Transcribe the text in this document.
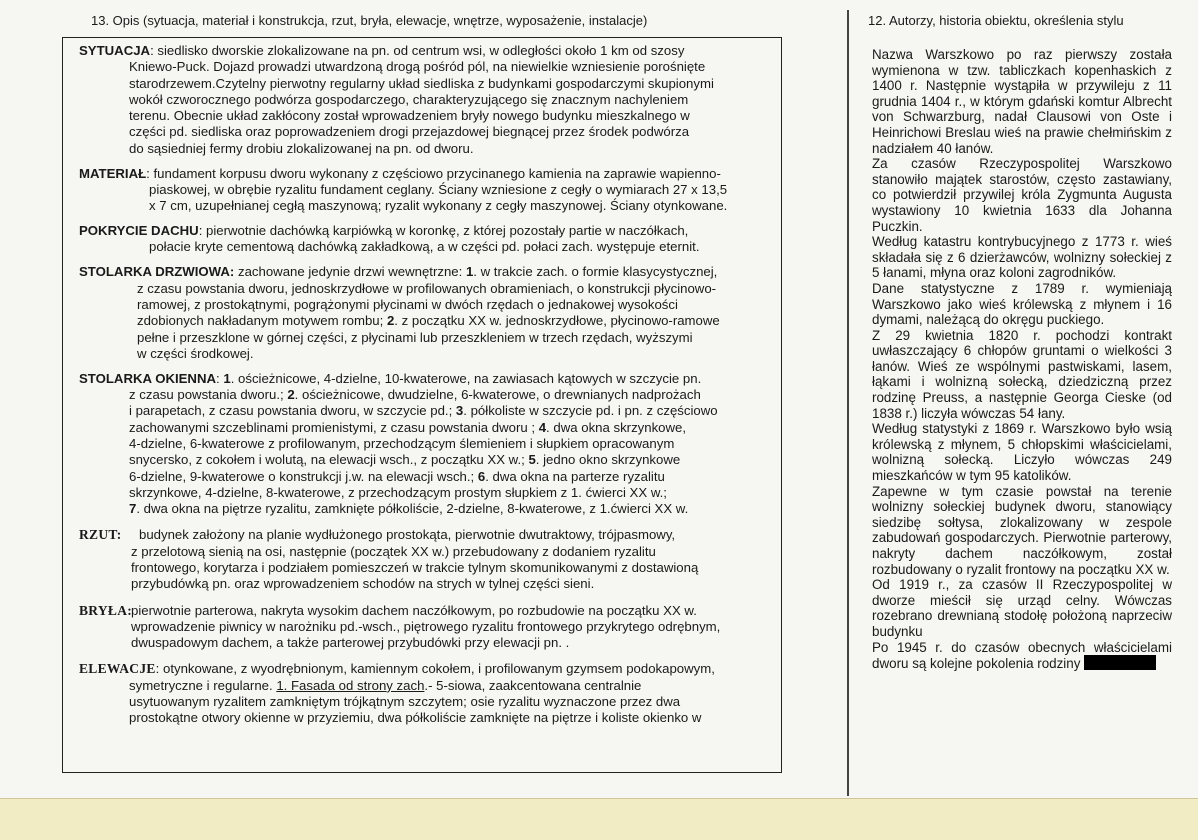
13. Opis (sytuacja, materiał i konstrukcja, rzut, bryła, elewacje, wnętrze, wyposażenie, instalacje)	12. Autorzy, historia obiektu, określenia stylu
SYTUACJA: siedlisko dworskie zlokalizowane na pn. od centrum wsi, w odległości około 1 km od szosy
Kniewo-Puck. Dojazd prowadzi utwardzoną drogą pośród pól, na niewielkie wzniesienie porośnięte
starodrzewem.Czytelny pierwotny regularny układ siedliska z budynkami gospodarczymi skupionymi
wokół czworocznego podwórza gospodarczego, charakteryzującego się znacznym nachyleniem
terenu. Obecnie układ zakłócony został wprowadzeniem bryły nowego budynku mieszkalnego w
części pd. siedliska oraz poprowadzeniem drogi przejazdowej biegnącej przez środek podwórza
do sąsiedniej fermy drobiu zlokalizowanej na pn. od dworu.
MATERIAŁ: fundament korpusu dworu wykonany z częściowo przycinanego kamienia na zaprawie wapienno-
piaskowej, w obrębie ryzalitu fundament ceglany. Ściany wzniesione z cegły o wymiarach 27 x 13,5
x 7 cm, uzupełnianej cegłą maszynową; ryzalit wykonany z cegły maszynowej. Ściany otynkowane.
POKRYCIE DACHU: pierwotnie dachówką karpiówką w koronkę, z której pozostały partie w naczółkach,
połacie kryte cementową dachówką zakładkową, a w części pd. połaci zach. występuje eternit.
STOLARKA DRZWIOWA: zachowane jedynie drzwi wewnętrzne: 1. w trakcie zach. o formie klasycystycznej,
z czasu powstania dworu, jednoskrzydłowe w profilowanych obramieniach, o konstrukcji płycinowo-
ramowej, z prostokątnymi, pogrążonymi płycinami w dwóch rzędach o jednakowej wysokości
zdobionych nakładanym motywem rombu; 2. z początku XX w. jednoskrzydłowe, płycinowo-ramowe
pełne i przeszklone w górnej części, z płycinami lub przeszkleniem w trzech rzędach, wyższymi
w części środkowej.
STOLARKA OKIENNA: 1. ościeżnicowe, 4-dzielne, 10-kwaterowe, na zawiasach kątowych w szczycie pn.
z czasu powstania dworu.; 2. ościeżnicowe, dwudzielne, 6-kwaterowe, o drewnianych nadprożach
i parapetach, z czasu powstania dworu, w szczycie pd.; 3. półkoliste w szczycie pd. i pn. z częściowo
zachowanymi szczeblinami promienistymi, z czasu powstania dworu ; 4. dwa okna skrzynkowe,
4-dzielne, 6-kwaterowe z profilowanym, przechodzącym ślemieniem i słupkiem opracowanym
snycersko, z cokołem i wolutą, na elewacji wsch., z początku XX w.; 5. jedno okno skrzynkowe
6-dzielne, 9-kwaterowe o konstrukcji j.w. na elewacji wsch.; 6. dwa okna na parterze ryzalitu
skrzynkowe, 4-dzielne, 8-kwaterowe, z przechodzącym prostym słupkiem z 1. ćwierci XX w.;
7. dwa okna na piętrze ryzalitu, zamknięte półkoliście, 2-dzielne, 8-kwaterowe, z 1.ćwierci XX w.
RZUT: budynek założony na planie wydłużonego prostokąta, pierwotnie dwutraktowy, trójpasmowy,
z przelotową sienią na osi, następnie (początek XX w.) przebudowany z dodaniem ryzalitu
frontowego, korytarza i podziałem pomieszczeń w trakcie tylnym skomunikowanymi z dostawioną
przybudówką pn. oraz wprowadzeniem schodów na strych w tylnej części sieni.
BRYŁA:pierwotnie parterowa, nakryta wysokim dachem naczółkowym, po rozbudowie na początku XX w.
wprowadzenie piwnicy w narożniku pd.-wsch., piętrowego ryzalitu frontowego przykrytego odrębnym,
dwuspadowym dachem, a także parterowej przybudówki przy elewacji pn. .
ELEWACJE: otynkowane, z wyodrębnionym, kamiennym cokołem, i profilowanym gzymsem podokapowym,
symetryczne i regularne. 1. Fasada od strony zach.- 5-siowa, zaakcentowana centralnie
usytuowanym ryzalitem zamkniętym trójkątnym szczytem; osie ryzalitu wyznaczone przez dwa
prostokątne otwory okienne w przyziemiu, dwa półkoliście zamknięte na piętrze i koliste okienko w

Nazwa Warszkowo po raz pierwszy została wymienona w tzw. tabliczkach kopenhaskich z 1400 r. Następnie wystąpiła w przywileju z 11 grudnia 1404 r., w którym gdański komtur Albrecht von Schwarzburg, nadał Clausowi von Oste i Heinrichowi Breslau wieś na prawie chełmińskim z nadziałem 40 łanów.

Za czasów Rzeczypospolitej Warszkowo stanowiło majątek starostów, często zastawiany, co potwierdził przywilej króla Zygmunta Augusta wystawiony 10 kwietnia 1633 dla Johanna Puczkin.

Według katastru kontrybucyjnego z 1773 r. wieś składała się z 6 dzierżawców, wolnizny sołeckiej z 5 łanami, młyna oraz koloni zagrodników.

Dane statystyczne z 1789 r. wymieniają Warszkowo jako wieś królewską z młynem i 16 dymami, należącą do okręgu puckiego.

Z 29 kwietnia 1820 r. pochodzi kontrakt uwłaszczający 6 chłopów gruntami o wielkości 3 łanów. Wieś ze wspólnymi pastwiskami, lasem, łąkami i wolnizną sołecką, dziedziczną przez rodzinę Preuss, a następnie Georga Cieske (od 1838 r.) liczyła wówczas 54 łany.

Według statystyki z 1869 r. Warszkowo było wsią królewską z młynem, 5 chłopskimi właścicielami, wolnizną sołecką. Liczyło wówczas 249 mieszkańców w tym 95 katolików.

Zapewne w tym czasie powstał na terenie wolnizny sołeckiej budynek dworu, stanowiący siedzibę sołtysa, zlokalizowany w zespole zabudowań gospodarczych. Pierwotnie parterowy, nakryty dachem naczółkowym, został rozbudowany o ryzalit frontowy na początku XX w.

Od 1919 r., za czasów II Rzeczypospolitej w dworze mieścił się urząd celny. Wówczas rozebrano drewnianą stodołę położoną naprzeciw budynku

Po 1945 r. do czasów obecnych właścicielami dworu są kolejne pokolenia rodziny
